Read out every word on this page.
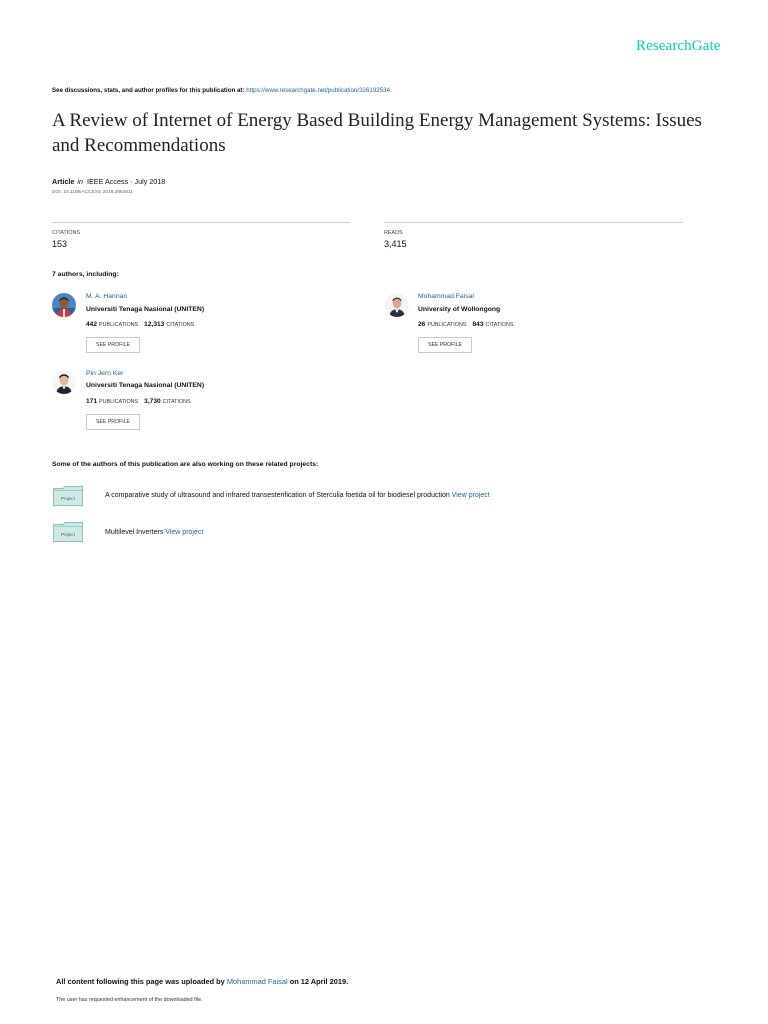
ResearchGate
See discussions, stats, and author profiles for this publication at: https://www.researchgate.net/publication/326192534
A Review of Internet of Energy Based Building Energy Management Systems: Issues and Recommendations
Article in IEEE Access · July 2018
DOI: 10.1109/ACCESS.2018.2852811
CITATIONS
153
READS
3,415
7 authors, including:
M. A. Hannan
Universiti Tenaga Nasional (UNITEN)
442 PUBLICATIONS 12,313 CITATIONS
SEE PROFILE
Mohammad Faisal
University of Wollongong
26 PUBLICATIONS 843 CITATIONS
SEE PROFILE
Pin Jern Ker
Universiti Tenaga Nasional (UNITEN)
171 PUBLICATIONS 3,730 CITATIONS
SEE PROFILE
Some of the authors of this publication are also working on these related projects:
Project	A comparative study of ultrasound and infrared transesterification of Sterculia foetida oil for biodiesel production View project
Project	Multilevel Inverters View project
All content following this page was uploaded by Mohammad Faisal on 12 April 2019.
The user has requested enhancement of the downloaded file.
